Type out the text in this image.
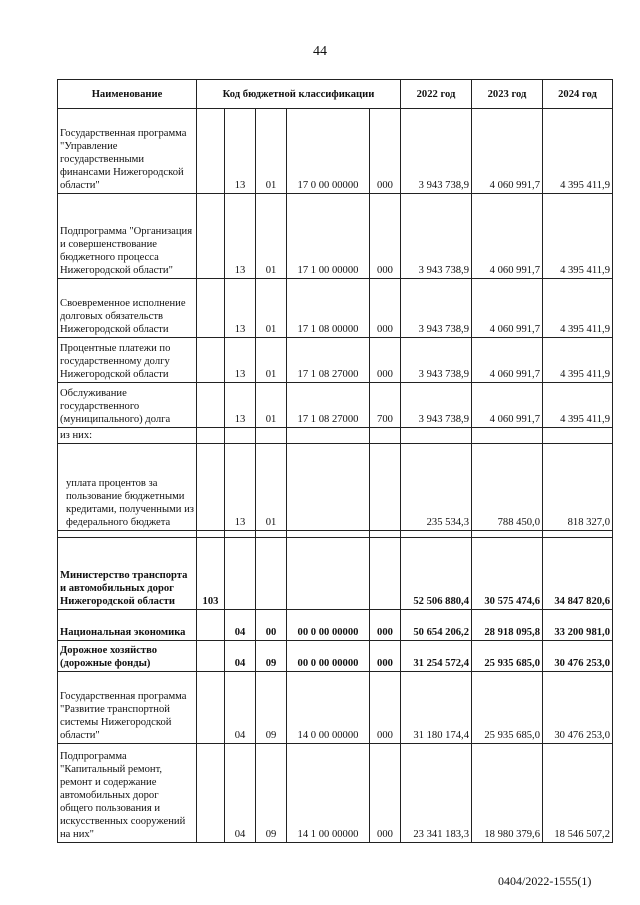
44
Наименование	Код бюджетной классификации					2022 год	2023 год	2024 год
Государственная программа "Управление государственными финансами Нижегородской области"		13	01	17 0 00 00000	000	3 943 738,9	4 060 991,7	4 395 411,9
Подпрограмма "Организация и совершенствование бюджетного процесса Нижегородской области"		13	01	17 1 00 00000	000	3 943 738,9	4 060 991,7	4 395 411,9
Своевременное исполнение долговых обязательств Нижегородской области		13	01	17 1 08 00000	000	3 943 738,9	4 060 991,7	4 395 411,9
Процентные платежи по государственному долгу Нижегородской области		13	01	17 1 08 27000	000	3 943 738,9	4 060 991,7	4 395 411,9
Обслуживание государственного (муниципального) долга		13	01	17 1 08 27000	700	3 943 738,9	4 060 991,7	4 395 411,9
из них:								
уплата процентов за пользование бюджетными кредитами, полученными из федерального бюджета		13	01			235 534,3	788 450,0	818 327,0

Министерство транспорта и автомобильных дорог Нижегородской области	103					52 506 880,4	30 575 474,6	34 847 820,6
Национальная экономика		04	00	00 0 00 00000	000	50 654 206,2	28 918 095,8	33 200 981,0
Дорожное хозяйство (дорожные фонды)		04	09	00 0 00 00000	000	31 254 572,4	25 935 685,0	30 476 253,0
Государственная программа "Развитие транспортной системы Нижегородской области"		04	09	14 0 00 00000	000	31 180 174,4	25 935 685,0	30 476 253,0
Подпрограмма "Капитальный ремонт, ремонт и содержание автомобильных дорог общего пользования и искусственных сооружений на них"		04	09	14 1 00 00000	000	23 341 183,3	18 980 379,6	18 546 507,2
0404/2022-1555(1)
